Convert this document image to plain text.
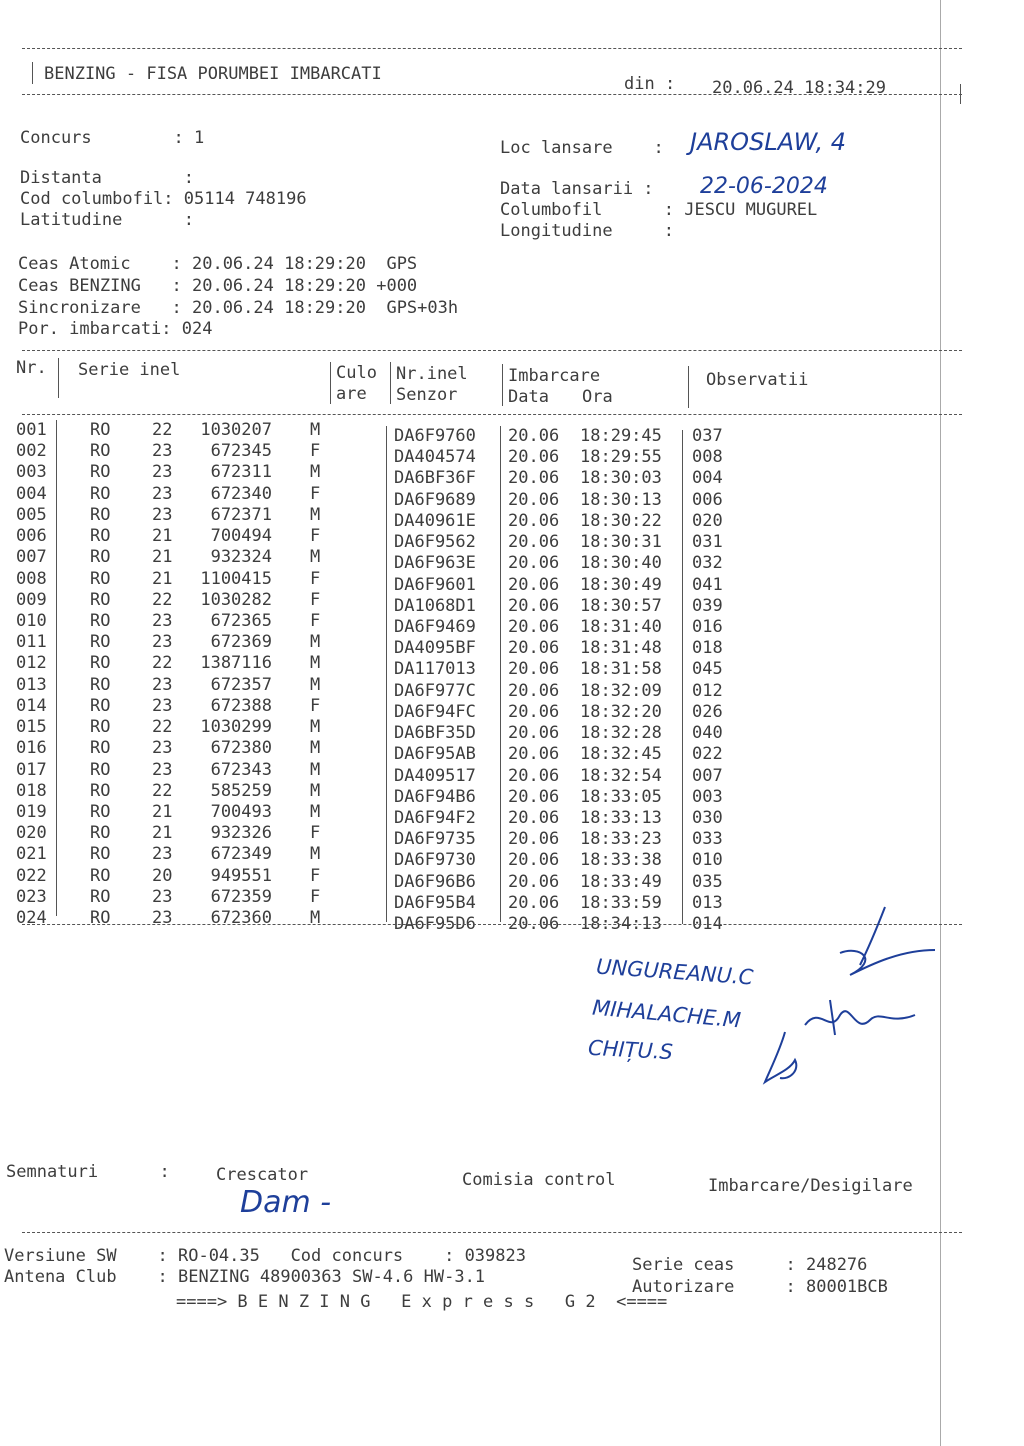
BENZING - FISA PORUMBEI IMBARCATI	din : 20.06.24 18:34:29
Concurs        : 1
Distanta        :
Cod columbofil: 05114 748196
Latitudine      :
Loc lansare    : JAROSLAW, 4
Data lansarii : 22-06-2024
Columbofil      : JESCU MUGUREL
Longitudine     :
Ceas Atomic    : 20.06.24 18:29:20  GPS
Ceas BENZING   : 20.06.24 18:29:20 +000
Sincronizare   : 20.06.24 18:29:20  GPS+03h
Por. imbarcati: 024
Nr. Serie inel	Culo
are
Nr.inel
Senzor
Imbarcare
Data Ora
Observatii
001	RO 22	1030207 M	DA6F9760 20.06 18:29:45 037
002	RO 23	672345 F	DA404574 20.06 18:29:55 008
003	RO 23	672311 M	DA6BF36F 20.06 18:30:03 004
004	RO 23	672340 F	DA6F9689 20.06 18:30:13 006
005	RO 23	672371 M	DA40961E 20.06 18:30:22 020
006	RO 21	700494 F	DA6F9562 20.06 18:30:31 031
007	RO 21	932324 M	DA6F963E 20.06 18:30:40 032
008	RO 21	1100415 F	DA6F9601 20.06 18:30:49 041
009	RO 22	1030282 F	DA1068D1 20.06 18:30:57 039
010	RO 23	672365 F	DA6F9469 20.06 18:31:40 016
011	RO 23	672369 M	DA4095BF 20.06 18:31:48 018
012	RO 22	1387116 M	DA117013 20.06 18:31:58 045
013	RO 23	672357 M	DA6F977C 20.06 18:32:09 012
014	RO 23	672388 F	DA6F94FC 20.06 18:32:20 026
015	RO 22	1030299 M	DA6BF35D 20.06 18:32:28 040
016	RO 23	672380 M	DA6F95AB 20.06 18:32:45 022
017	RO 23	672343 M	DA409517 20.06 18:32:54 007
018	RO 22	585259 M	DA6F94B6 20.06 18:33:05 003
019	RO 21	700493 M	DA6F94F2 20.06 18:33:13 030
020	RO 21	932326 F	DA6F9735 20.06 18:33:23 033
021	RO 23	672349 M	DA6F9730 20.06 18:33:38 010
022	RO 20	949551 F	DA6F96B6 20.06 18:33:49 035
023	RO 23	672359 F	DA6F95B4 20.06 18:33:59 013
024	RO 23	672360 M	DA6F95D6 20.06 18:34:13 014
UNGUREANU.C
MIHALACHE.M
CHIȚU.S
Semnaturi      :	Crescator
Dam -
Comisia control	Imbarcare/Desigilare
Versiune SW    : RO-04.35   Cod concurs    : 039823
Antena Club    : BENZING 48900363 SW-4.6 HW-3.1
Serie ceas     : 248276
Autorizare     : 80001BCB
====> B E N Z I N G   E x p r e s s   G 2  <====
